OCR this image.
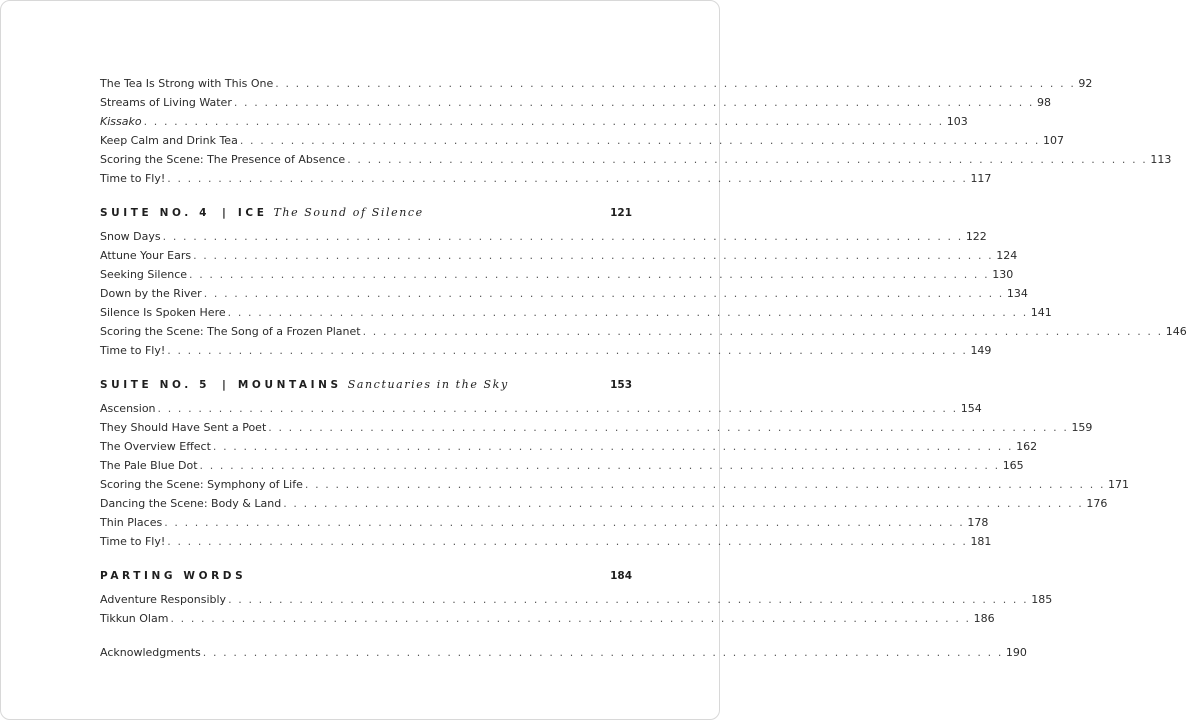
The Tea Is Strong with This One . . . . . . . . . . . . . . . . . . . . . . . . . . . . . . . . . . . . . . . . . . . . . . . . . . . . . . . . . . . . . . . . . . . . . . . . . . . . . . . 92
Streams of Living Water . . . . . . . . . . . . . . . . . . . . . . . . . . . . . . . . . . . . . . . . . . . . . . . . . . . . . . . . . . . . . . . . . . . . . . . . . . . . . . . 98
Kissako . . . . . . . . . . . . . . . . . . . . . . . . . . . . . . . . . . . . . . . . . . . . . . . . . . . . . . . . . . . . . . . . . . . . . . . . . . . . . . . 103
Keep Calm and Drink Tea . . . . . . . . . . . . . . . . . . . . . . . . . . . . . . . . . . . . . . . . . . . . . . . . . . . . . . . . . . . . . . . . . . . . . . . . . . . . . . . 107
Scoring the Scene: The Presence of Absence . . . . . . . . . . . . . . . . . . . . . . . . . . . . . . . . . . . . . . . . . . . . . . . . . . . . . . . . . . . . . . . . . . . . . . . . . . . . . . . 113
Time to Fly! . . . . . . . . . . . . . . . . . . . . . . . . . . . . . . . . . . . . . . . . . . . . . . . . . . . . . . . . . . . . . . . . . . . . . . . . . . . . . . . 117
SUITE NO. 4 | ICE The Sound of Silence	121
Snow Days . . . . . . . . . . . . . . . . . . . . . . . . . . . . . . . . . . . . . . . . . . . . . . . . . . . . . . . . . . . . . . . . . . . . . . . . . . . . . . . 122
Attune Your Ears . . . . . . . . . . . . . . . . . . . . . . . . . . . . . . . . . . . . . . . . . . . . . . . . . . . . . . . . . . . . . . . . . . . . . . . . . . . . . . . 124
Seeking Silence . . . . . . . . . . . . . . . . . . . . . . . . . . . . . . . . . . . . . . . . . . . . . . . . . . . . . . . . . . . . . . . . . . . . . . . . . . . . . . . 130
Down by the River . . . . . . . . . . . . . . . . . . . . . . . . . . . . . . . . . . . . . . . . . . . . . . . . . . . . . . . . . . . . . . . . . . . . . . . . . . . . . . . 134
Silence Is Spoken Here . . . . . . . . . . . . . . . . . . . . . . . . . . . . . . . . . . . . . . . . . . . . . . . . . . . . . . . . . . . . . . . . . . . . . . . . . . . . . . . 141
Scoring the Scene: The Song of a Frozen Planet . . . . . . . . . . . . . . . . . . . . . . . . . . . . . . . . . . . . . . . . . . . . . . . . . . . . . . . . . . . . . . . . . . . . . . . . . . . . . . . 146
Time to Fly! . . . . . . . . . . . . . . . . . . . . . . . . . . . . . . . . . . . . . . . . . . . . . . . . . . . . . . . . . . . . . . . . . . . . . . . . . . . . . . . 149
SUITE NO. 5 | MOUNTAINS Sanctuaries in the Sky	153
Ascension . . . . . . . . . . . . . . . . . . . . . . . . . . . . . . . . . . . . . . . . . . . . . . . . . . . . . . . . . . . . . . . . . . . . . . . . . . . . . . . 154
They Should Have Sent a Poet . . . . . . . . . . . . . . . . . . . . . . . . . . . . . . . . . . . . . . . . . . . . . . . . . . . . . . . . . . . . . . . . . . . . . . . . . . . . . . . 159
The Overview Effect . . . . . . . . . . . . . . . . . . . . . . . . . . . . . . . . . . . . . . . . . . . . . . . . . . . . . . . . . . . . . . . . . . . . . . . . . . . . . . . 162
The Pale Blue Dot . . . . . . . . . . . . . . . . . . . . . . . . . . . . . . . . . . . . . . . . . . . . . . . . . . . . . . . . . . . . . . . . . . . . . . . . . . . . . . . 165
Scoring the Scene: Symphony of Life . . . . . . . . . . . . . . . . . . . . . . . . . . . . . . . . . . . . . . . . . . . . . . . . . . . . . . . . . . . . . . . . . . . . . . . . . . . . . . . 171
Dancing the Scene: Body & Land . . . . . . . . . . . . . . . . . . . . . . . . . . . . . . . . . . . . . . . . . . . . . . . . . . . . . . . . . . . . . . . . . . . . . . . . . . . . . . . 176
Thin Places . . . . . . . . . . . . . . . . . . . . . . . . . . . . . . . . . . . . . . . . . . . . . . . . . . . . . . . . . . . . . . . . . . . . . . . . . . . . . . . 178
Time to Fly! . . . . . . . . . . . . . . . . . . . . . . . . . . . . . . . . . . . . . . . . . . . . . . . . . . . . . . . . . . . . . . . . . . . . . . . . . . . . . . . 181
PARTING WORDS	184
Adventure Responsibly . . . . . . . . . . . . . . . . . . . . . . . . . . . . . . . . . . . . . . . . . . . . . . . . . . . . . . . . . . . . . . . . . . . . . . . . . . . . . . . 185
Tikkun Olam . . . . . . . . . . . . . . . . . . . . . . . . . . . . . . . . . . . . . . . . . . . . . . . . . . . . . . . . . . . . . . . . . . . . . . . . . . . . . . . 186
Acknowledgments . . . . . . . . . . . . . . . . . . . . . . . . . . . . . . . . . . . . . . . . . . . . . . . . . . . . . . . . . . . . . . . . . . . . . . . . . . . . . . . 190
